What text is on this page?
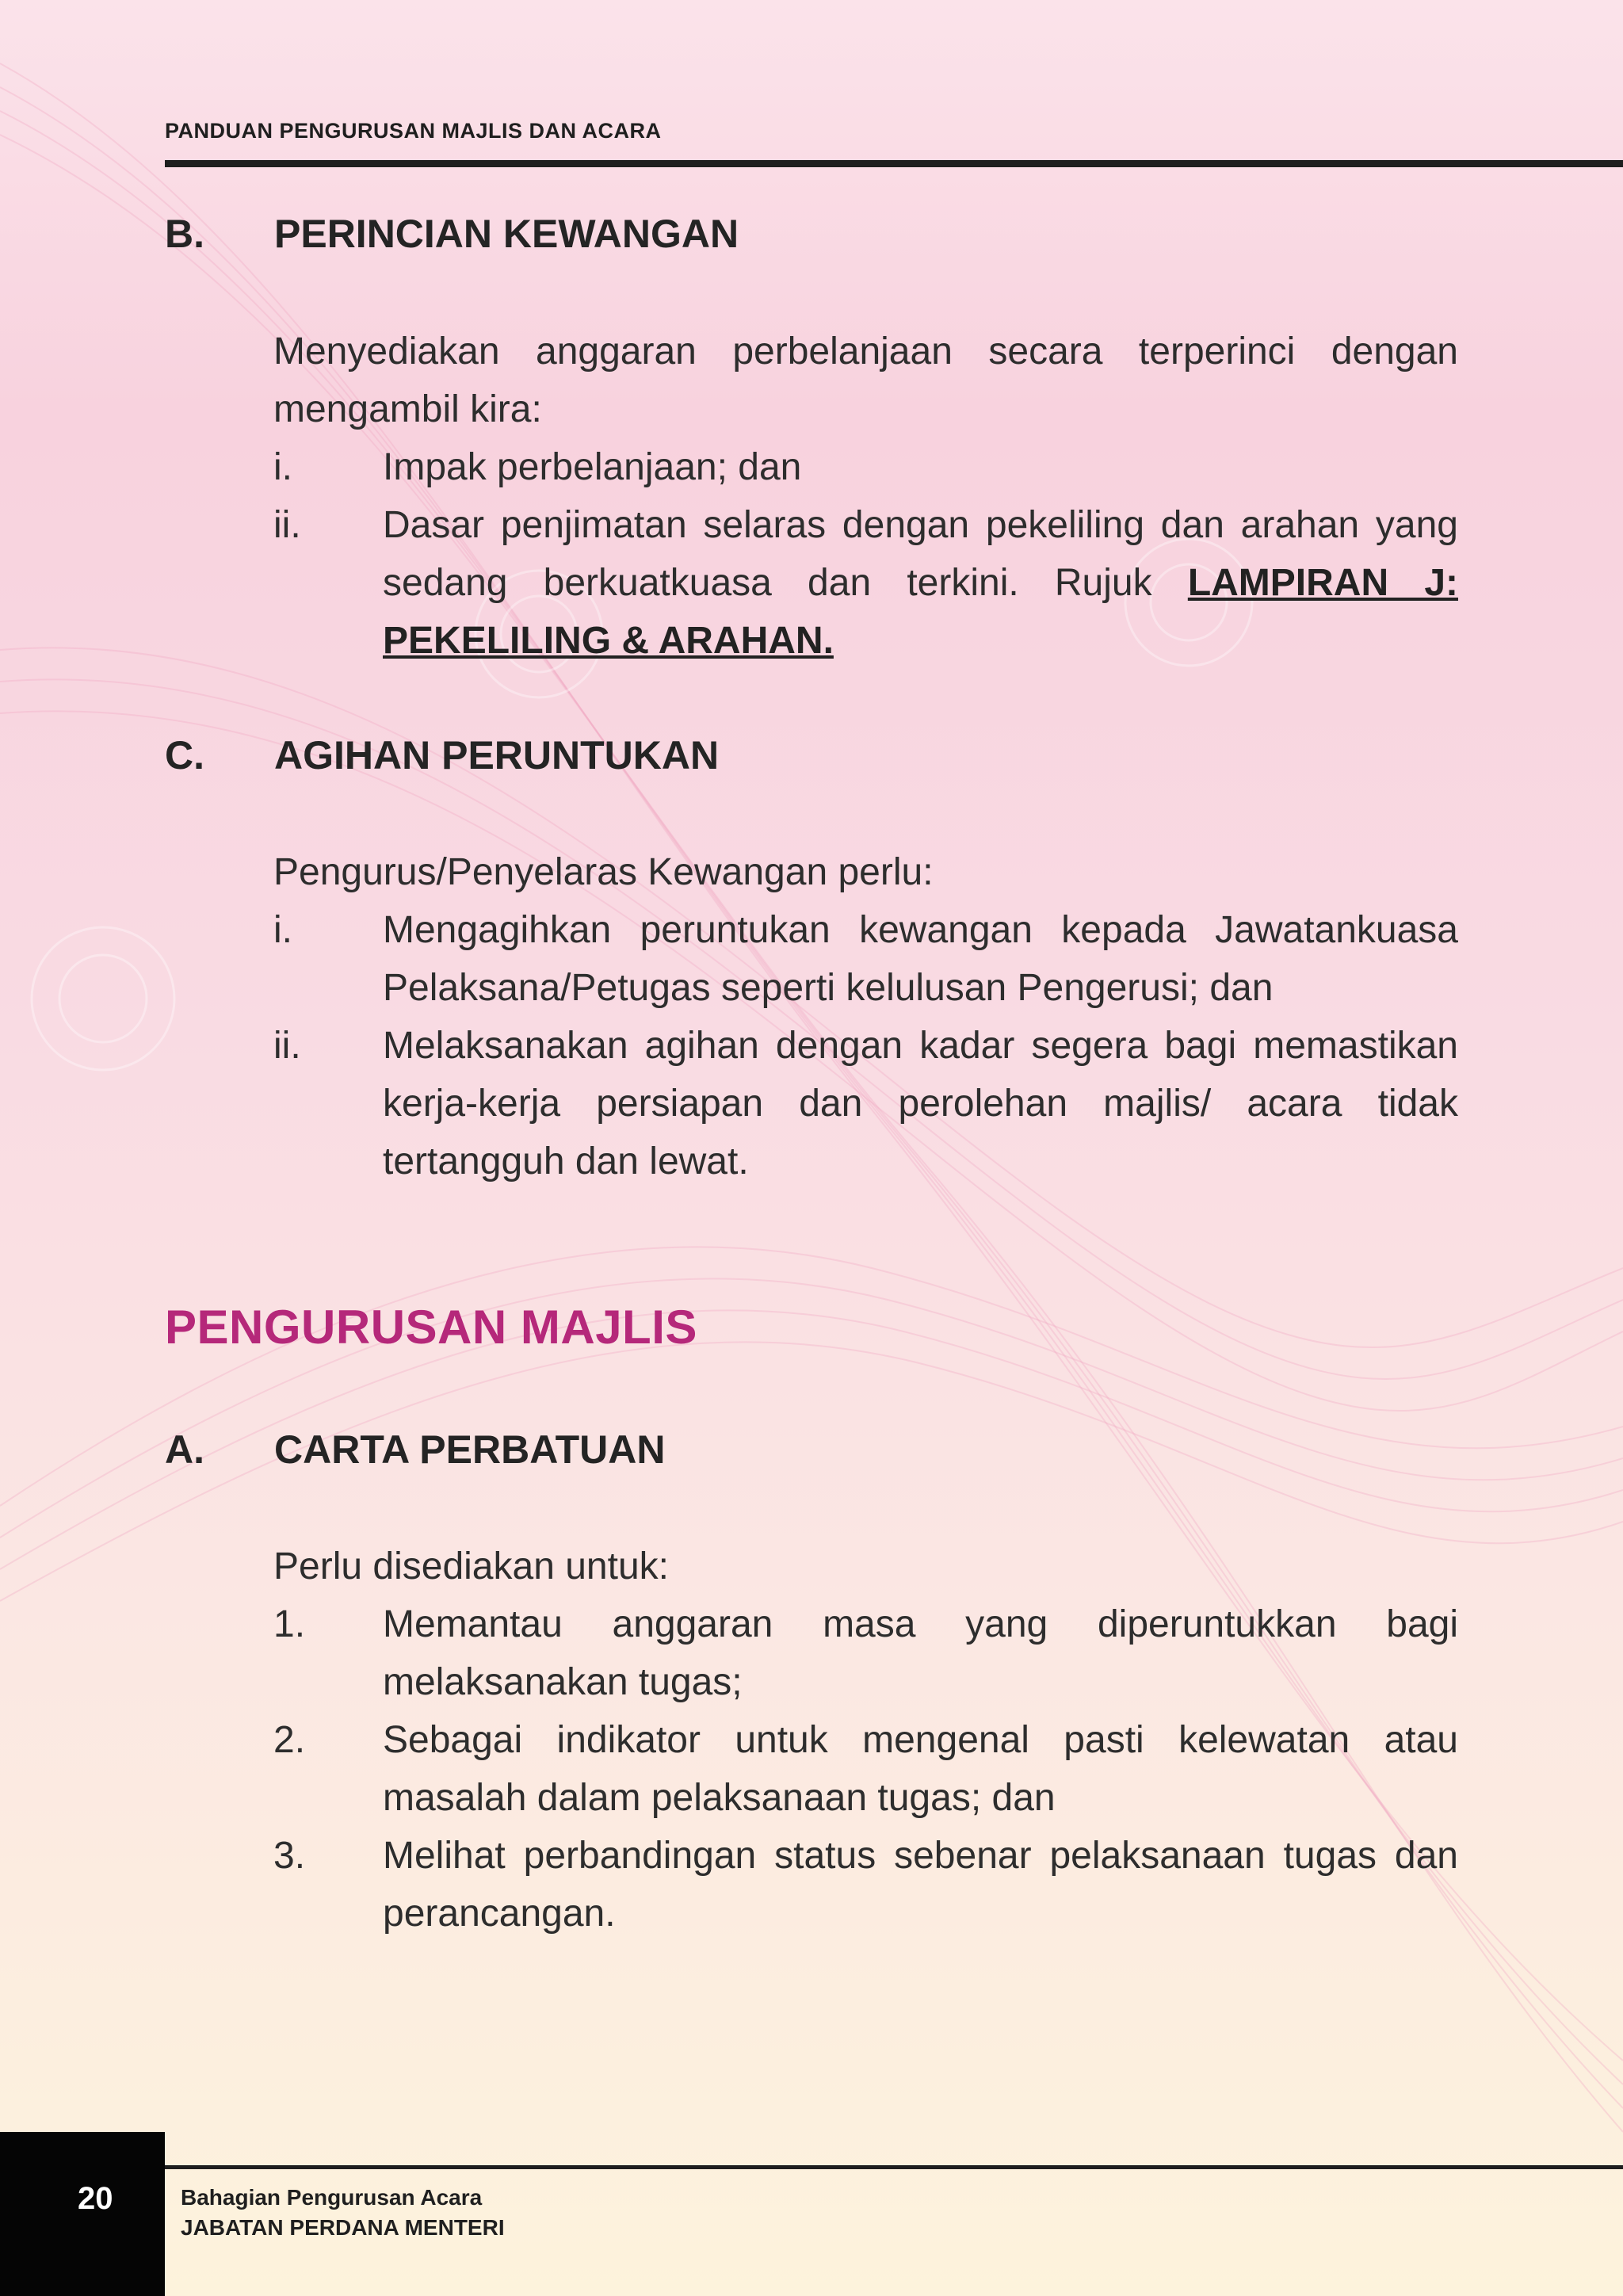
PANDUAN PENGURUSAN MAJLIS DAN ACARA
B. PERINCIAN KEWANGAN
Menyediakan anggaran perbelanjaan secara terperinci dengan mengambil kira:
i. Impak perbelanjaan; dan
ii. Dasar penjimatan selaras dengan pekeliling dan arahan yang sedang berkuatkuasa dan terkini. Rujuk LAMPIRAN J: PEKELILING & ARAHAN.
C. AGIHAN PERUNTUKAN
Pengurus/Penyelaras Kewangan perlu:
i. Mengagihkan peruntukan kewangan kepada Jawatankuasa Pelaksana/Petugas seperti kelulusan Pengerusi; dan
ii. Melaksanakan agihan dengan kadar segera bagi memastikan kerja-kerja persiapan dan perolehan majlis/ acara tidak tertangguh dan lewat.
PENGURUSAN MAJLIS
A. CARTA PERBATUAN
Perlu disediakan untuk:
1. Memantau anggaran masa yang diperuntukkan bagi melaksanakan tugas;
2. Sebagai indikator untuk mengenal pasti kelewatan atau masalah dalam pelaksanaan tugas; dan
3. Melihat perbandingan status sebenar pelaksanaan tugas dan perancangan.
20	Bahagian Pengurusan Acara
JABATAN PERDANA MENTERI
